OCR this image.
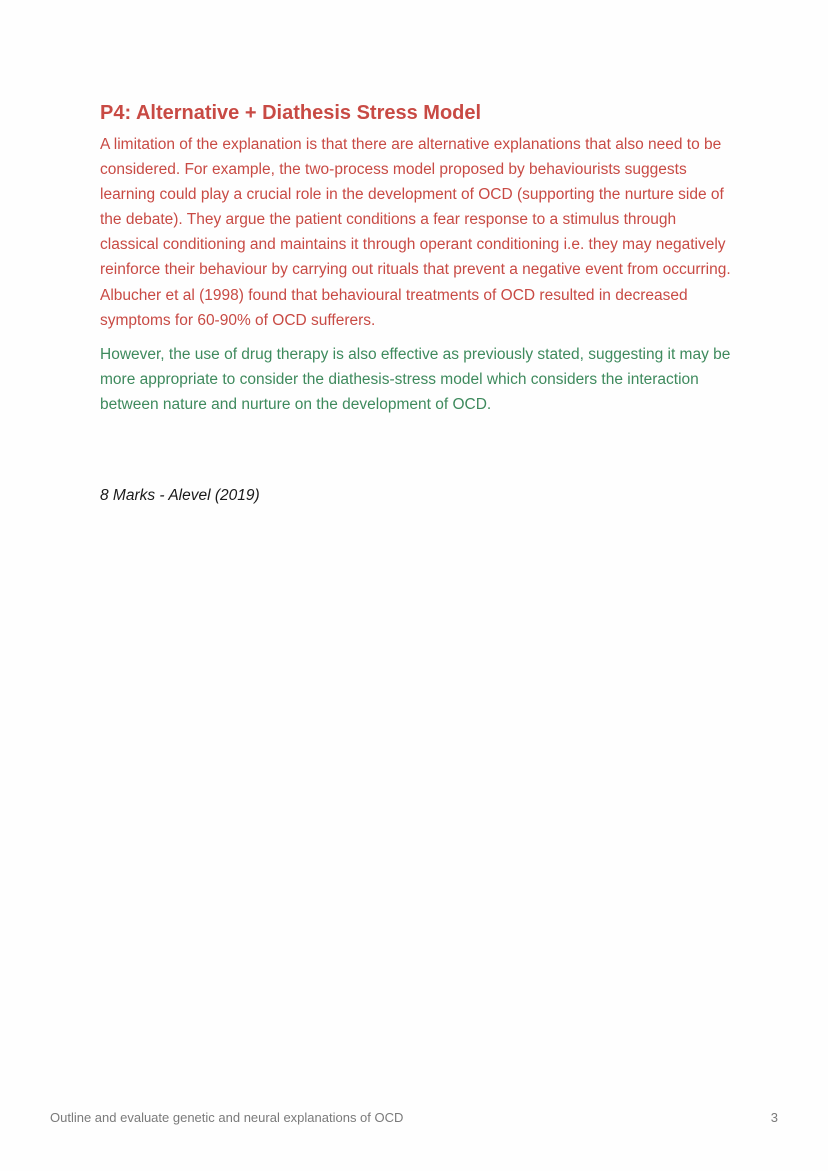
P4: Alternative + Diathesis Stress Model

A limitation of the explanation is that there are alternative explanations that also need to be considered. For example, the two-process model proposed by behaviourists suggests learning could play a crucial role in the development of OCD (supporting the nurture side of the debate). They argue the patient conditions a fear response to a stimulus through classical conditioning and maintains it through operant conditioning i.e. they may negatively reinforce their behaviour by carrying out rituals that prevent a negative event from occurring. Albucher et al (1998) found that behavioural treatments of OCD resulted in decreased symptoms for 60-90% of OCD sufferers.

However, the use of drug therapy is also effective as previously stated, suggesting it may be more appropriate to consider the diathesis-stress model which considers the interaction between nature and nurture on the development of OCD.

8 Marks - Alevel (2019)

Outline and evaluate genetic and neural explanations of OCD	3
